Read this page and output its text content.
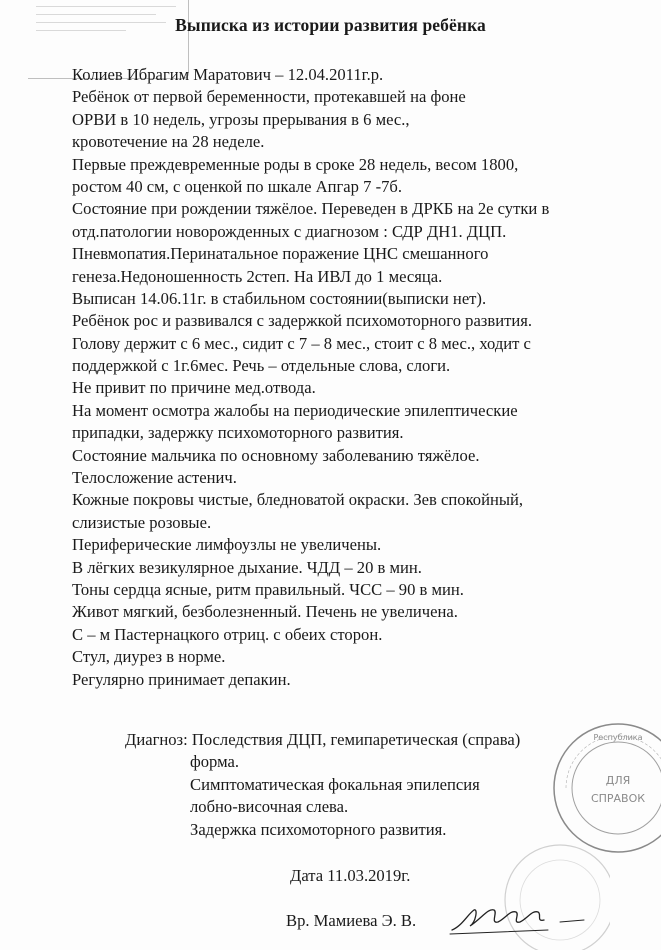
Выписка из истории развития ребёнка
Колиев Ибрагим Маратович – 12.04.2011г.р.
Ребёнок от первой беременности, протекавшей на фоне
ОРВИ в 10 недель, угрозы прерывания в 6 мес.,
кровотечение на 28 неделе.
Первые преждевременные роды в сроке 28 недель, весом 1800,
ростом 40 см, с оценкой по шкале Апгар 7 -7б.
Состояние при рождении тяжёлое. Переведен в ДРКБ на 2е сутки в
отд.патологии новорожденных с диагнозом : СДР ДН1. ДЦП.
Пневмопатия.Перинатальное поражение ЦНС смешанного
генеза.Недоношенность 2степ. На ИВЛ до 1 месяца.
Выписан 14.06.11г. в стабильном состоянии(выписки нет).
Ребёнок рос и развивался с задержкой психомоторного развития.
Голову держит с 6 мес., сидит с 7 – 8 мес., стоит с 8 мес., ходит с
поддержкой с 1г.6мес. Речь – отдельные слова, слоги.
Не привит по причине мед.отвода.
На момент осмотра жалобы на периодические эпилептические
припадки, задержку психомоторного развития.
Состояние мальчика по основному заболеванию тяжёлое.
Телосложение астенич.
Кожные покровы чистые, бледноватой окраски. Зев спокойный,
слизистые розовые.
Периферические лимфоузлы не увеличены.
В лёгких везикулярное дыхание. ЧДД – 20 в мин.
Тоны сердца ясные, ритм правильный. ЧСС – 90 в мин.
Живот мягкий, безболезненный. Печень не увеличена.
С – м Пастернацкого отриц. с обеих сторон.
Стул, диурез в норме.
Регулярно принимает депакин.
Диагноз: Последствия ДЦП, гемипаретическая (справа)
форма.
Симптоматическая фокальная эпилепсия
лобно-височная слева.
Задержка психомоторного развития.
Республика
ДЛЯ
СПРАВОК
Дата 11.03.2019г.
Вр. Мамиева Э. В.
